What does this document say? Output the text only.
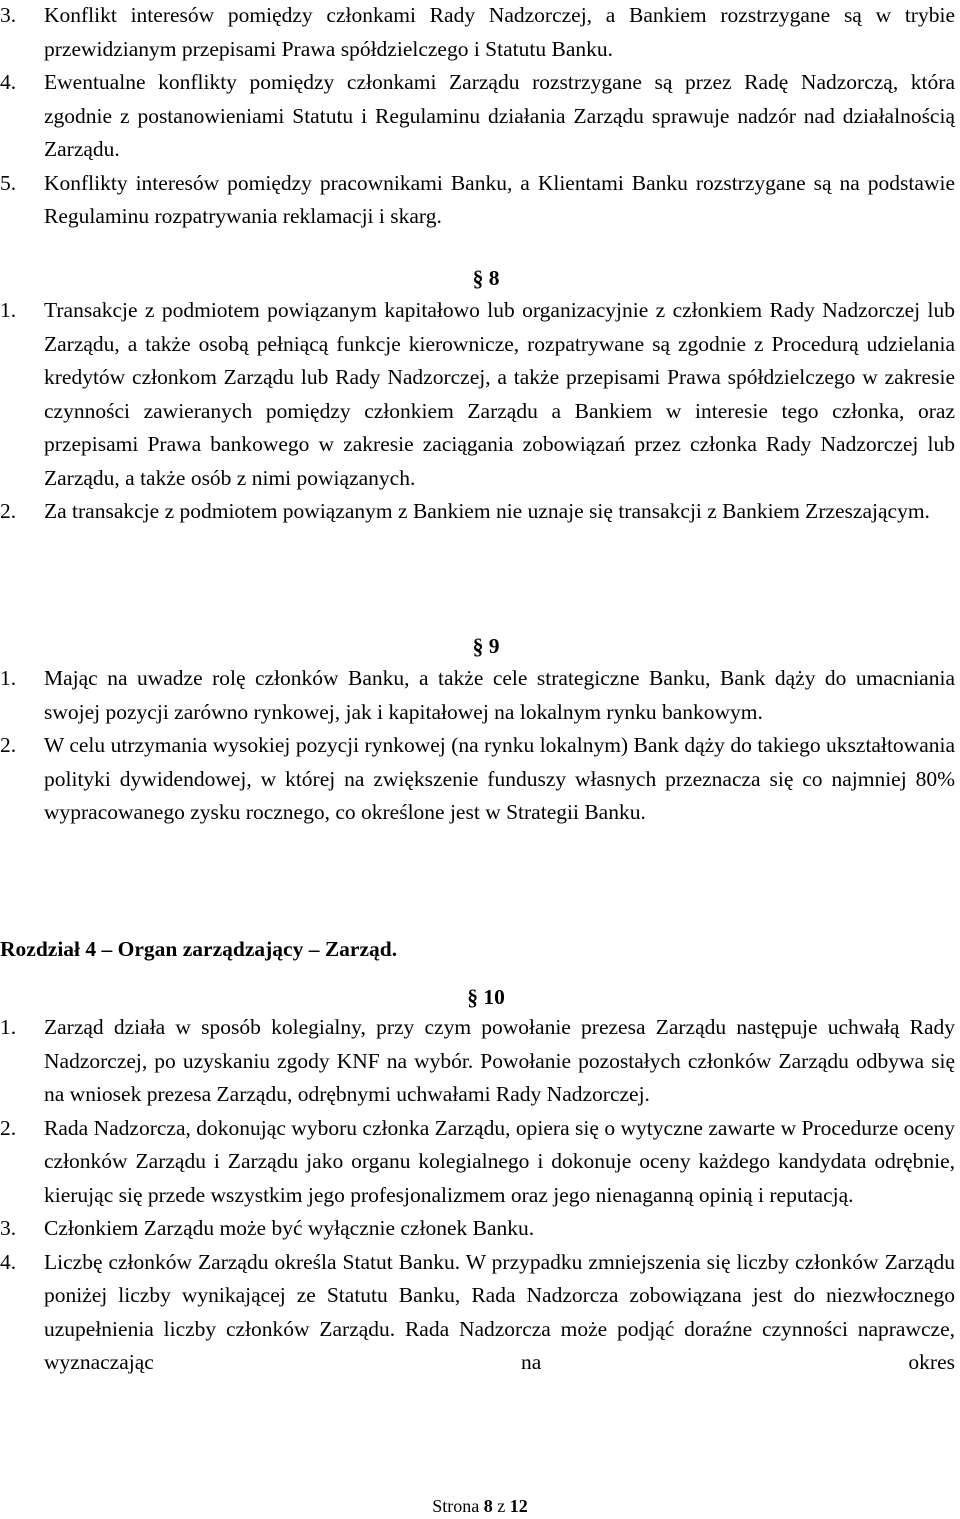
3. Konflikt interesów pomiędzy członkami Rady Nadzorczej, a Bankiem rozstrzygane są w trybie przewidzianym przepisami Prawa spółdzielczego i Statutu Banku.

4. Ewentualne konflikty pomiędzy członkami Zarządu rozstrzygane są przez Radę Nadzorczą, która zgodnie z postanowieniami Statutu i Regulaminu działania Zarządu sprawuje nadzór nad działalnością Zarządu.

5. Konflikty interesów pomiędzy pracownikami Banku, a Klientami Banku rozstrzygane są na podstawie Regulaminu rozpatrywania reklamacji i skarg.

§ 8

1. Transakcje z podmiotem powiązanym kapitałowo lub organizacyjnie z członkiem Rady Nadzorczej lub Zarządu, a także osobą pełniącą funkcje kierownicze, rozpatrywane są zgodnie z Procedurą udzielania kredytów członkom Zarządu lub Rady Nadzorczej, a także przepisami Prawa spółdzielczego w zakresie czynności zawieranych pomiędzy członkiem Zarządu a Bankiem w interesie tego członka, oraz przepisami Prawa bankowego w zakresie zaciągania zobowiązań przez członka Rady Nadzorczej lub Zarządu, a także osób z nimi powiązanych.

2. Za transakcje z podmiotem powiązanym z Bankiem nie uznaje się transakcji z Bankiem Zrzeszającym.

§ 9

1. Mając na uwadze rolę członków Banku, a także cele strategiczne Banku, Bank dąży do umacniania swojej pozycji zarówno rynkowej, jak i kapitałowej na lokalnym rynku bankowym.

2. W celu utrzymania wysokiej pozycji rynkowej (na rynku lokalnym) Bank dąży do takiego ukształtowania polityki dywidendowej, w której na zwiększenie funduszy własnych przeznacza się co najmniej 80% wypracowanego zysku rocznego, co określone jest w Strategii Banku.

Rozdział 4 – Organ zarządzający – Zarząd.

§ 10

1. Zarząd działa w sposób kolegialny, przy czym powołanie prezesa Zarządu następuje uchwałą Rady Nadzorczej, po uzyskaniu zgody KNF na wybór. Powołanie pozostałych członków Zarządu odbywa się na wniosek prezesa Zarządu, odrębnymi uchwałami Rady Nadzorczej.

2. Rada Nadzorcza, dokonując wyboru członka Zarządu, opiera się o wytyczne zawarte w Procedurze oceny członków Zarządu i Zarządu jako organu kolegialnego i dokonuje oceny każdego kandydata odrębnie, kierując się przede wszystkim jego profesjonalizmem oraz jego nienaganną opinią i reputacją.

3. Członkiem Zarządu może być wyłącznie członek Banku.

4. Liczbę członków Zarządu określa Statut Banku. W przypadku zmniejszenia się liczby członków Zarządu poniżej liczby wynikającej ze Statutu Banku, Rada Nadzorcza zobowiązana jest do niezwłocznego uzupełnienia liczby członków Zarządu. Rada Nadzorcza może podjąć doraźne czynności naprawcze, wyznaczając na okres

Strona 8 z 12
